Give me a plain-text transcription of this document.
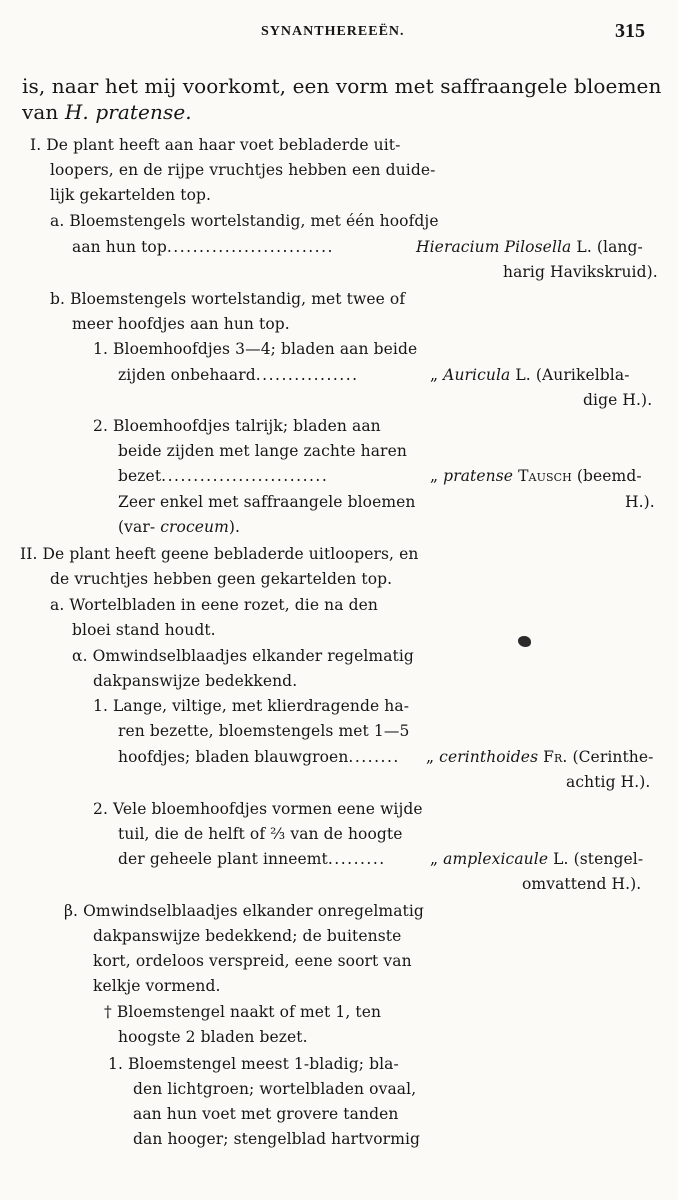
SYNANTHEREEËN.	315
is, naar het mij voorkomt, een vorm met saffraangele bloemen
van H. pratense.
I. De plant heeft aan haar voet bebladerde uit-
loopers, en de rijpe vruchtjes hebben een duide-
lijk gekartelden top.
a. Bloemstengels wortelstandig, met één hoofdje
aan hun top..........................	Hieracium Pilosella L. (lang-
harig Havikskruid).
b. Bloemstengels wortelstandig, met twee of
meer hoofdjes aan hun top.
1. Bloemhoofdjes 3—4; bladen aan beide
zijden onbehaard................	„ Auricula L. (Aurikelbla-
dige H.).
2. Bloemhoofdjes talrijk; bladen aan
beide zijden met lange zachte haren
bezet..........................	„ pratense Tausch (beemd-
H.).
Zeer enkel met saffraangele bloemen
(var- croceum).
II. De plant heeft geene bebladerde uitloopers, en
de vruchtjes hebben geen gekartelden top.
a. Wortelbladen in eene rozet, die na den
bloei stand houdt.
α. Omwindselblaadjes elkander regelmatig
dakpanswijze bedekkend.
1. Lange, viltige, met klierdragende ha-
ren bezette, bloemstengels met 1—5
hoofdjes; bladen blauwgroen........	„ cerinthoides Fr. (Cerinthe-
achtig H.).
2. Vele bloemhoofdjes vormen eene wijde
tuil, die de helft of ⅔ van de hoogte
der geheele plant inneemt.........	„ amplexicaule L. (stengel-
omvattend H.).
β. Omwindselblaadjes elkander onregelmatig
dakpanswijze bedekkend; de buitenste
kort, ordeloos verspreid, eene soort van
kelkje vormend.
† Bloemstengel naakt of met 1, ten
hoogste 2 bladen bezet.
1. Bloemstengel meest 1-bladig; bla-
den lichtgroen; wortelbladen ovaal,
aan hun voet met grovere tanden
dan hooger; stengelblad hartvormig
